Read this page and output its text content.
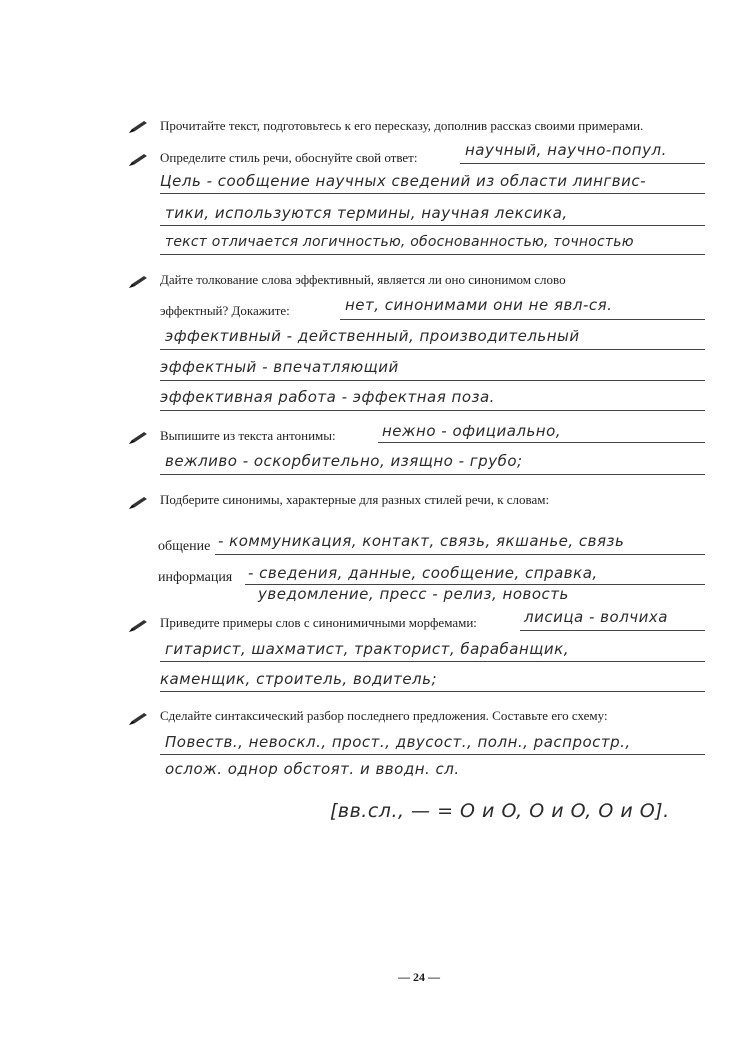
Прочитайте текст, подготовьтесь к его пересказу, дополнив рассказ своими примерами.
Определите стиль речи, обоснуйте свой ответ:	научный, научно-попул.
Цель - сообщение научных сведений из области лингвис-
тики, используются термины, научная лексика,
текст отличается логичностью, обоснованностью, точностью
Дайте толкование слова эффективный, является ли оно синонимом слово
эффектный? Докажите:	нет, синонимами они не явл-ся.
эффективный - действенный, производительный
эффектный - впечатляющий
эффективная работа - эффектная поза.
Выпишите из текста антонимы:	нежно - официально,
вежливо - оскорбительно, изящно - грубо;
Подберите синонимы, характерные для разных стилей речи, к словам:
общение - коммуникация, контакт, связь, якшанье, связь
информация - сведения, данные, сообщение, справка,
уведомление, пресс - релиз, новость
Приведите примеры слов с синонимичными морфемами:	лисица - волчиха
гитарист, шахматист, тракторист, барабанщик,
каменщик, строитель, водитель;
Сделайте синтаксический разбор последнего предложения. Составьте его схему:
Повеств., невоскл., прост., двусост., полн., распростр.,
ослож. однор обстоят. и вводн. сл.
[вв.сл., — = O и O, O и O, O и O].
— 24 —
